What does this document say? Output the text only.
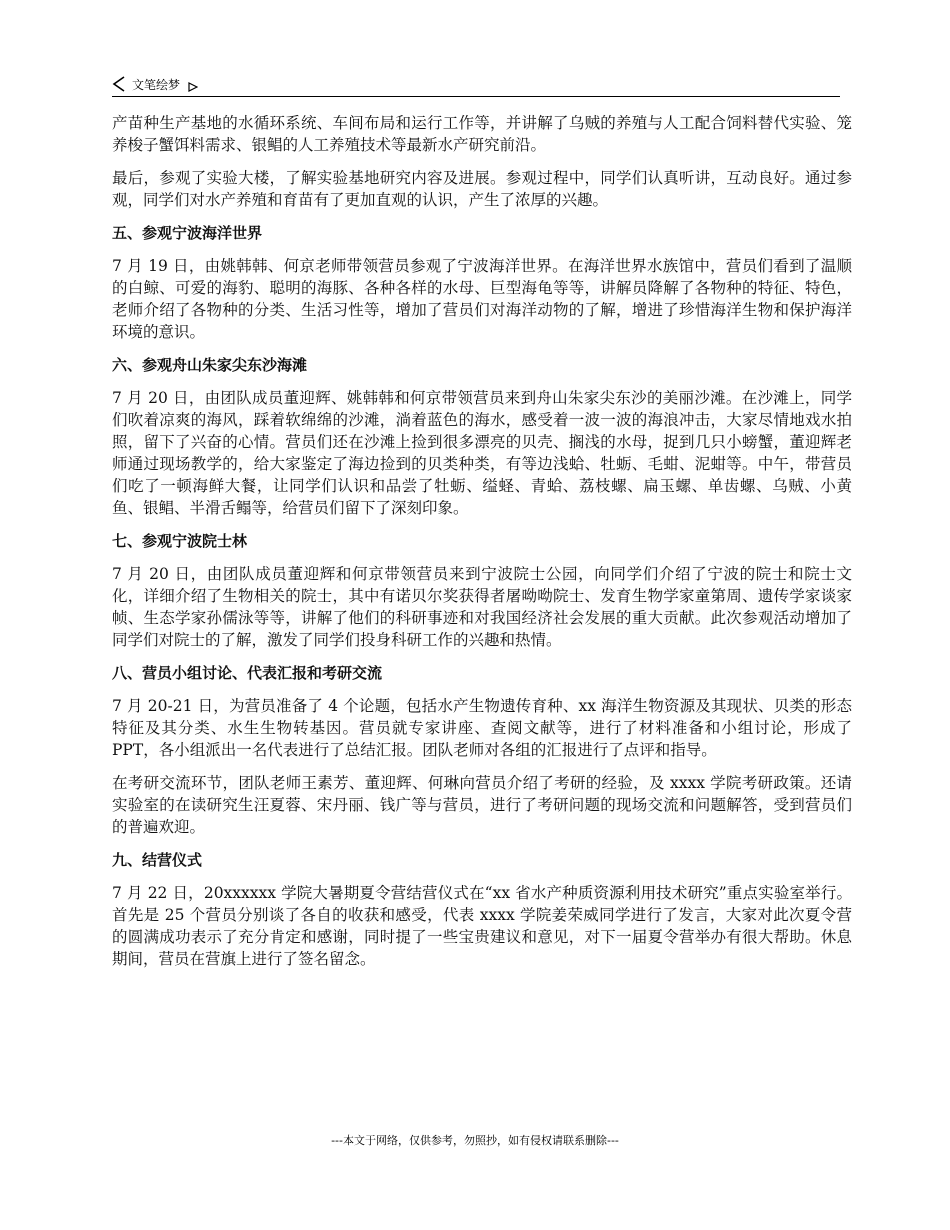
文笔绘梦

产苗种生产基地的水循环系统、车间布局和运行工作等，并讲解了乌贼的养殖与人工配合饲料替代实验、笼养梭子蟹饵料需求、银鲳的人工养殖技术等最新水产研究前沿。

最后，参观了实验大楼，了解实验基地研究内容及进展。参观过程中，同学们认真听讲，互动良好。通过参观，同学们对水产养殖和育苗有了更加直观的认识，产生了浓厚的兴趣。

五、参观宁波海洋世界

7 月 19 日，由姚韩韩、何京老师带领营员参观了宁波海洋世界。在海洋世界水族馆中，营员们看到了温顺的白鲸、可爱的海豹、聪明的海豚、各种各样的水母、巨型海龟等等，讲解员降解了各物种的特征、特色，老师介绍了各物种的分类、生活习性等，增加了营员们对海洋动物的了解，增进了珍惜海洋生物和保护海洋环境的意识。

六、参观舟山朱家尖东沙海滩

7 月 20 日，由团队成员董迎辉、姚韩韩和何京带领营员来到舟山朱家尖东沙的美丽沙滩。在沙滩上，同学们吹着凉爽的海风，踩着软绵绵的沙滩，淌着蓝色的海水，感受着一波一波的海浪冲击，大家尽情地戏水拍照，留下了兴奋的心情。营员们还在沙滩上捡到很多漂亮的贝壳、搁浅的水母，捉到几只小螃蟹，董迎辉老师通过现场教学的，给大家鉴定了海边捡到的贝类种类，有等边浅蛤、牡蛎、毛蚶、泥蚶等。中午，带营员们吃了一顿海鲜大餐，让同学们认识和品尝了牡蛎、缢蛏、青蛤、荔枝螺、扁玉螺、单齿螺、乌贼、小黄鱼、银鲳、半滑舌鳎等，给营员们留下了深刻印象。

七、参观宁波院士林

7 月 20 日，由团队成员董迎辉和何京带领营员来到宁波院士公园，向同学们介绍了宁波的院士和院士文化，详细介绍了生物相关的院士，其中有诺贝尔奖获得者屠呦呦院士、发育生物学家童第周、遗传学家谈家帧、生态学家孙儒泳等等，讲解了他们的科研事迹和对我国经济社会发展的重大贡献。此次参观活动增加了同学们对院士的了解，激发了同学们投身科研工作的兴趣和热情。

八、营员小组讨论、代表汇报和考研交流

7 月 20-21 日，为营员准备了 4 个论题，包括水产生物遗传育种、xx 海洋生物资源及其现状、贝类的形态特征及其分类、水生生物转基因。营员就专家讲座、查阅文献等，进行了材料准备和小组讨论，形成了 PPT，各小组派出一名代表进行了总结汇报。团队老师对各组的汇报进行了点评和指导。

在考研交流环节，团队老师王素芳、董迎辉、何琳向营员介绍了考研的经验，及 xxxx 学院考研政策。还请实验室的在读研究生汪夏蓉、宋丹丽、钱广等与营员，进行了考研问题的现场交流和问题解答，受到营员们的普遍欢迎。

九、结营仪式

7 月 22 日，20xxxxxx 学院大暑期夏令营结营仪式在“xx 省水产种质资源利用技术研究”重点实验室举行。首先是 25 个营员分别谈了各自的收获和感受，代表 xxxx 学院姜荣威同学进行了发言，大家对此次夏令营的圆满成功表示了充分肯定和感谢，同时提了一些宝贵建议和意见，对下一届夏令营举办有很大帮助。休息期间，营员在营旗上进行了签名留念。

---本文于网络，仅供参考，勿照抄，如有侵权请联系删除---
